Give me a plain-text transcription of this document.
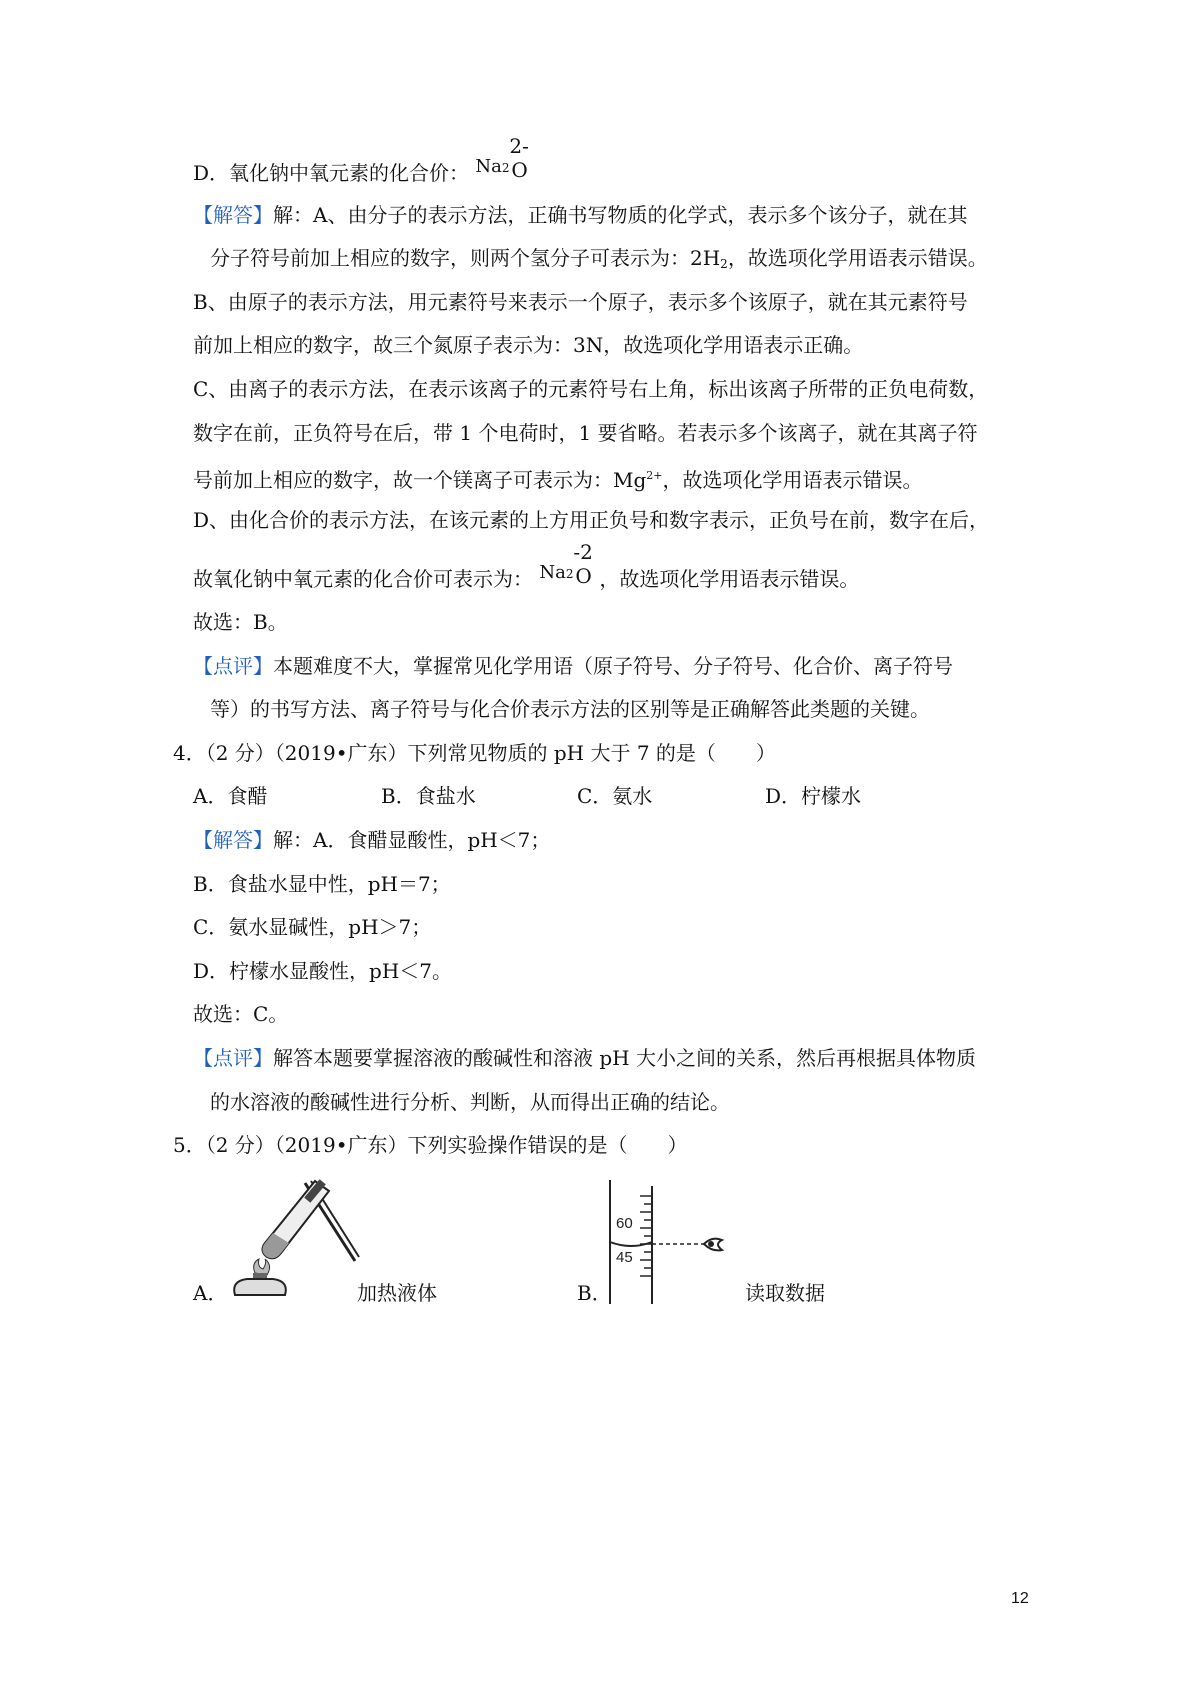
D．氧化钠中氧元素的化合价： Na2
2-
O
【解答】解：A、由分子的表示方法，正确书写物质的化学式，表示多个该分子，就在其
分子符号前加上相应的数字，则两个氢分子可表示为：2H2，故选项化学用语表示错误。
B、由原子的表示方法，用元素符号来表示一个原子，表示多个该原子，就在其元素符号
前加上相应的数字，故三个氮原子表示为：3N，故选项化学用语表示正确。
C、由离子的表示方法，在表示该离子的元素符号右上角，标出该离子所带的正负电荷数，
数字在前，正负符号在后，带 1 个电荷时，1 要省略。若表示多个该离子，就在其离子符
号前加上相应的数字，故一个镁离子可表示为：$Mg^{2+}$，故选项化学用语表示错误。
D、由化合价的表示方法，在该元素的上方用正负号和数字表示，正负号在前，数字在后，
故氧化钠中氧元素的化合价可表示为： Na2
-2
O ，故选项化学用语表示错误。
故选：B。
【点评】本题难度不大，掌握常见化学用语（原子符号、分子符号、化合价、离子符号
等）的书写方法、离子符号与化合价表示方法的区别等是正确解答此类题的关键。
4．（2 分）（2019•广东）下列常见物质的 pH 大于 7 的是（　　）
A．食醋	B．食盐水	C．氨水	D．柠檬水
【解答】解：A．食醋显酸性，pH＜7；
B．食盐水显中性，pH＝7；
C．氨水显碱性，pH＞7；
D．柠檬水显酸性，pH＜7。
故选：C。
【点评】解答本题要掌握溶液的酸碱性和溶液 pH 大小之间的关系，然后再根据具体物质
的水溶液的酸碱性进行分析、判断，从而得出正确的结论。
5．（2 分）（2019•广东）下列实验操作错误的是（　　）
A．	加热液体
60
45
B．	读取数据
12
